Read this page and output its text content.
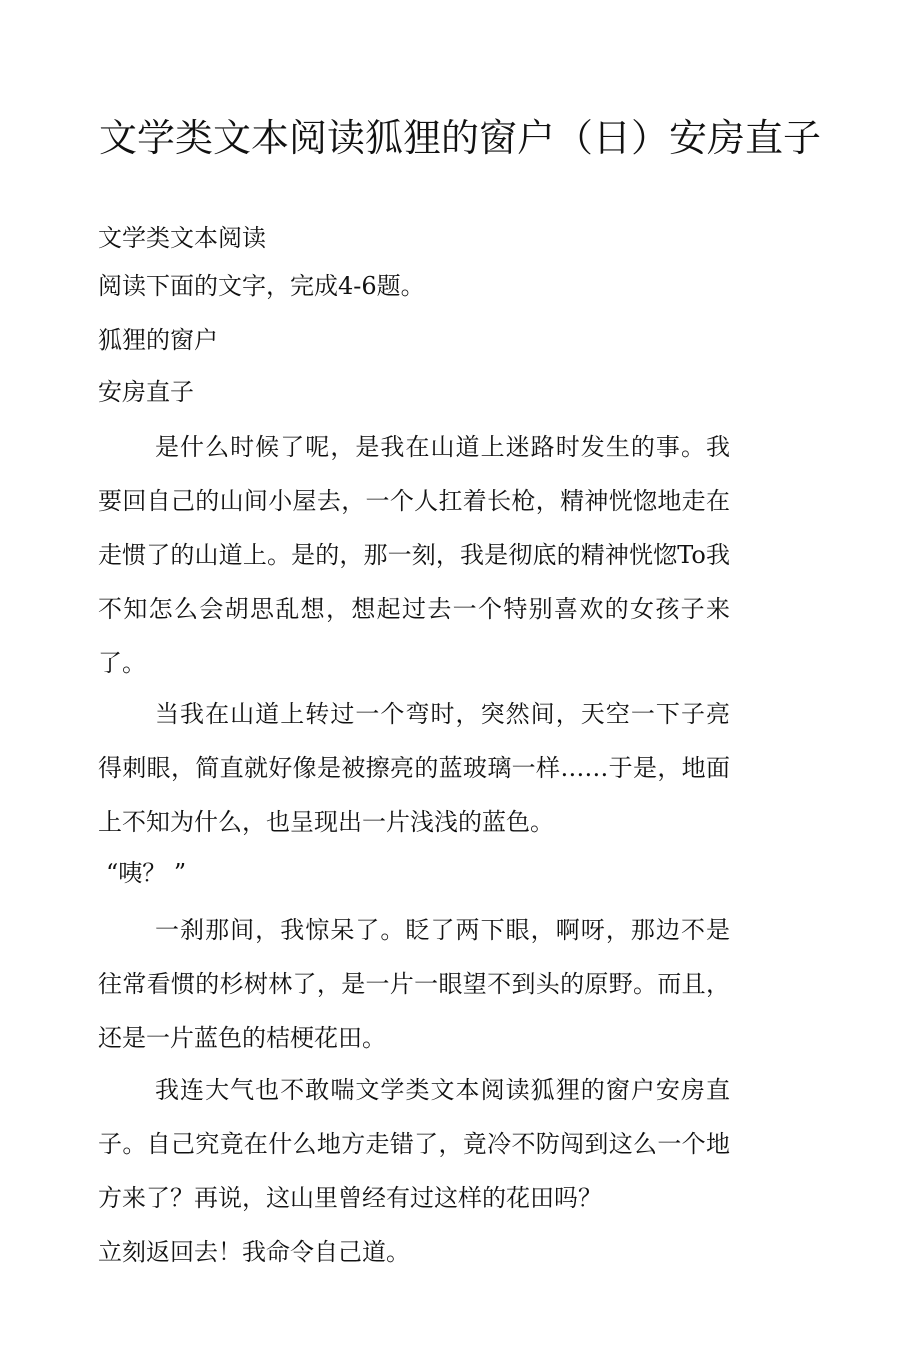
文学类文本阅读狐狸的窗户（日）安房直子
文学类文本阅读
阅读下面的文字，完成4-6题。
狐狸的窗户
安房直子

是什么时候了呢，是我在山道上迷路时发生的事。我要回自己的山间小屋去，一个人扛着长枪，精神恍惚地走在走惯了的山道上。是的，那一刻，我是彻底的精神恍惚To我不知怎么会胡思乱想，想起过去一个特别喜欢的女孩子来了。

当我在山道上转过一个弯时，突然间，天空一下子亮得刺眼，简直就好像是被擦亮的蓝玻璃一样……于是，地面上不知为什么，也呈现出一片浅浅的蓝色。

“咦？ ”

一刹那间，我惊呆了。眨了两下眼，啊呀，那边不是往常看惯的杉树林了，是一片一眼望不到头的原野。而且，还是一片蓝色的桔梗花田。

我连大气也不敢喘文学类文本阅读狐狸的窗户安房直子。自己究竟在什么地方走错了，竟冷不防闯到这么一个地方来了？再说，这山里曾经有过这样的花田吗？

立刻返回去！我命令自己道。
